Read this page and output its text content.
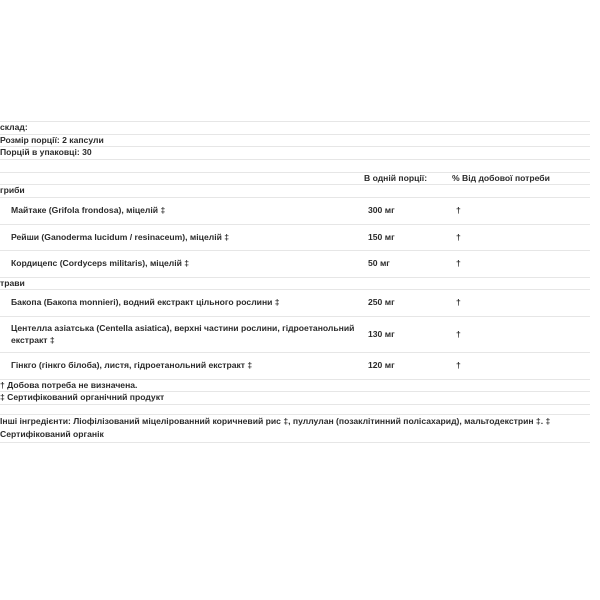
склад:		
Розмір порції: 2 капсули		
Порцій в упаковці: 30		

	В одній порції:	% Від добової потреби
гриби		
Майтаке (Grifola frondosa), міцелій ‡	300 мг	†
Рейши (Ganoderma lucidum / resinaceum), міцелій ‡	150 мг	†
Кордицепс (Cordyceps militaris), міцелій ‡	50 мг	†
трави		
Бакопа (Бакопа monnieri), водний екстракт цільного рослини ‡	250 мг	†
Центелла азіатська (Centella asiatica), верхні частини рослини, гідроетанольний екстракт ‡	130 мг	†
Гінкго (гінкго білоба), листя, гідроетанольний екстракт ‡	120 мг	†
† Добова потреба не визначена.		
‡ Сертифікований органічний продукт		

Інші інгредієнти: Ліофілізований міцелірованний коричневий рис ‡, пуллулан (позаклітинний полісахарид), мальтодекстрин ‡. ‡ Сертифікований органік		
